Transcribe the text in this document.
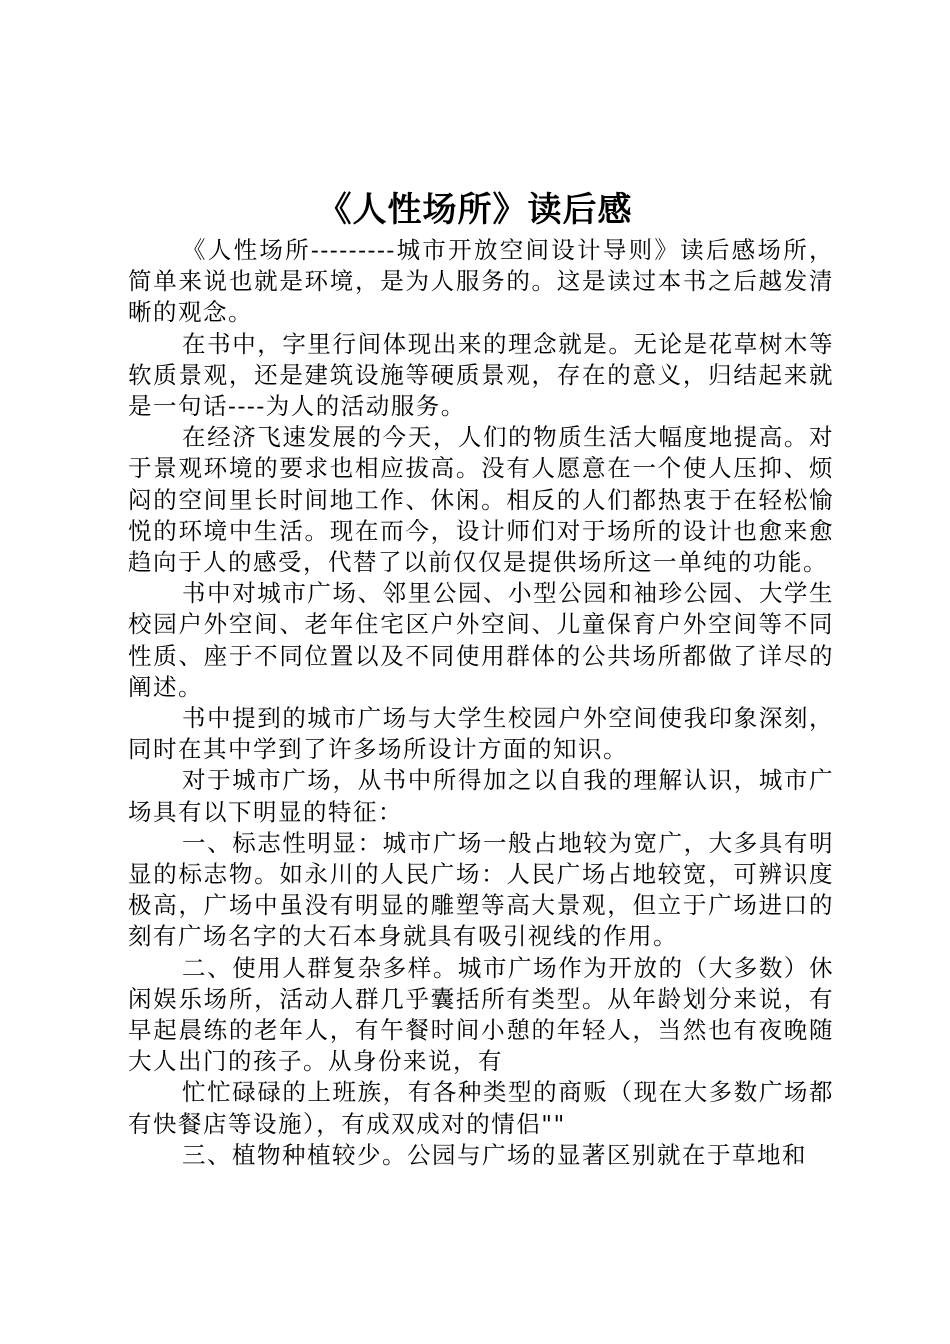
《人性场所》读后感

《人性场所---------城市开放空间设计导则》读后感场所，简单来说也就是环境，是为人服务的。这是读过本书之后越发清晰的观念。

在书中，字里行间体现出来的理念就是。无论是花草树木等软质景观，还是建筑设施等硬质景观，存在的意义，归结起来就是一句话----为人的活动服务。

在经济飞速发展的今天，人们的物质生活大幅度地提高。对于景观环境的要求也相应拔高。没有人愿意在一个使人压抑、烦闷的空间里长时间地工作、休闲。相反的人们都热衷于在轻松愉悦的环境中生活。现在而今，设计师们对于场所的设计也愈来愈趋向于人的感受，代替了以前仅仅是提供场所这一单纯的功能。

书中对城市广场、邻里公园、小型公园和袖珍公园、大学生校园户外空间、老年住宅区户外空间、儿童保育户外空间等不同性质、座于不同位置以及不同使用群体的公共场所都做了详尽的阐述。

书中提到的城市广场与大学生校园户外空间使我印象深刻，同时在其中学到了许多场所设计方面的知识。

对于城市广场，从书中所得加之以自我的理解认识，城市广场具有以下明显的特征：

一、标志性明显：城市广场一般占地较为宽广，大多具有明显的标志物。如永川的人民广场：人民广场占地较宽，可辨识度极高，广场中虽没有明显的雕塑等高大景观，但立于广场进口的刻有广场名字的大石本身就具有吸引视线的作用。

二、使用人群复杂多样。城市广场作为开放的（大多数）休闲娱乐场所，活动人群几乎囊括所有类型。从年龄划分来说，有早起晨练的老年人，有午餐时间小憩的年轻人，当然也有夜晚随大人出门的孩子。从身份来说，有

忙忙碌碌的上班族，有各种类型的商贩（现在大多数广场都有快餐店等设施），有成双成对的情侣""

三、植物种植较少。公园与广场的显著区别就在于草地和
